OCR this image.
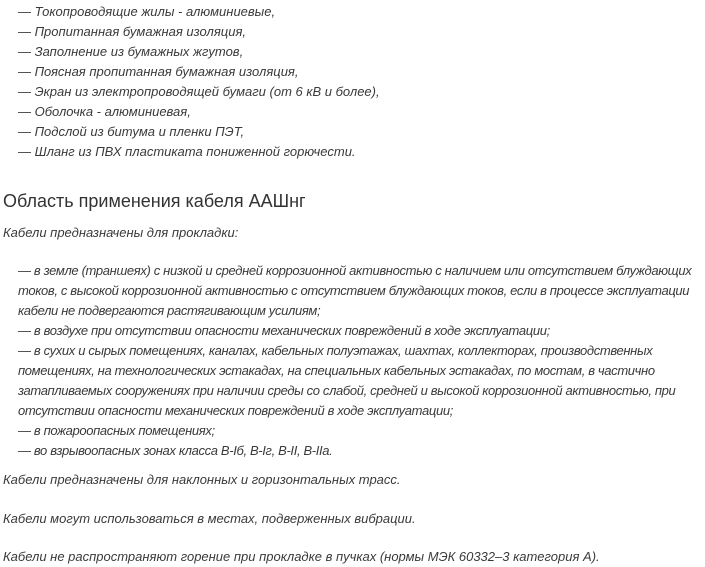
— Токопроводящие жилы - алюминиевые,
— Пропитанная бумажная изоляция,
— Заполнение из бумажных жгутов,
— Поясная пропитанная бумажная изоляция,
— Экран из электропроводящей бумаги (от 6 кВ и более),
— Оболочка - алюминиевая,
— Подслой из битума и пленки ПЭТ,
— Шланг из ПВХ пластиката пониженной горючести.
Область применения кабеля ААШнг

Кабели предназначены для прокладки:

— в земле (траншеях) с низкой и средней коррозионной активностью с наличием или отсутствием блуждающих токов, с высокой коррозионной активностью с отсутствием блуждающих токов, если в процессе эксплуатации кабели не подвергаются растягивающим усилиям;
— в воздухе при отсутствии опасности механических повреждений в ходе эксплуатации;
— в сухих и сырых помещениях, каналах, кабельных полуэтажах, шахтах, коллекторах, производственных помещениях, на технологических эстакадах, на специальных кабельных эстакадах, по мостам, в частично затапливаемых сооружениях при наличии среды со слабой, средней и высокой коррозионной активностью, при отсутствии опасности механических повреждений в ходе эксплуатации;
— в пожароопасных помещениях;
— во взрывоопасных зонах класса В-Iб, В-Iг, В-II, В-IIа.

Кабели предназначены для наклонных и горизонтальных трасс.

Кабели могут использоваться в местах, подверженных вибрации.

Кабели не распространяют горение при прокладке в пучках (нормы МЭК 60332–3 категория А).
